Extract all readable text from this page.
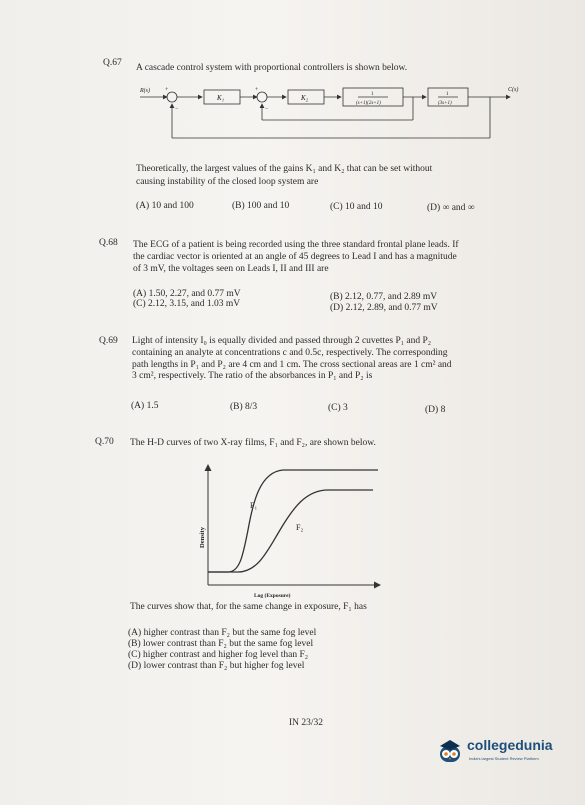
Q.67 A cascade control system with proportional controllers is shown below.
R(s)	+	+
−	−
K₁	K₂	1
(s+1)(2s+1)
1
(3s+1)
C(s)
Theoretically, the largest values of the gains K₁ and K₂ that can be set without
causing instability of the closed loop system are
(A) 10 and 100	(B) 100 and 10	(C) 10 and 10	(D) ∞ and ∞
Q.68 The ECG of a patient is being recorded using the three standard frontal plane leads. If
the cardiac vector is oriented at an angle of 45 degrees to Lead I and has a magnitude
of 3 mV, the voltages seen on Leads I, II and III are
(A) 1.50, 2.27, and 0.77 mV	(B) 2.12, 0.77, and 2.89 mV
(C) 2.12, 3.15, and 1.03 mV	(D) 2.12, 2.89, and 0.77 mV
Q.69 Light of intensity I₀ is equally divided and passed through 2 cuvettes P₁ and P₂
containing an analyte at concentrations c and 0.5c, respectively. The corresponding
path lengths in P₁ and P₂ are 4 cm and 1 cm. The cross sectional areas are 1 cm² and
3 cm², respectively. The ratio of the absorbances in P₁ and P₂ is
(A) 1.5	(B) 8/3	(C) 3	(D) 8
Q.70 The H-D curves of two X-ray films, F₁ and F₂, are shown below.
F₁
F₂
Density
Log (Exposure)
The curves show that, for the same change in exposure, F₁ has
(A) higher contrast than F₂ but the same fog level
(B) lower contrast than F₂ but the same fog level
(C) higher contrast and higher fog level than F₂
(D) lower contrast than F₂ but higher fog level
IN 23/32
collegedunia
India's largest Student Review Platform
